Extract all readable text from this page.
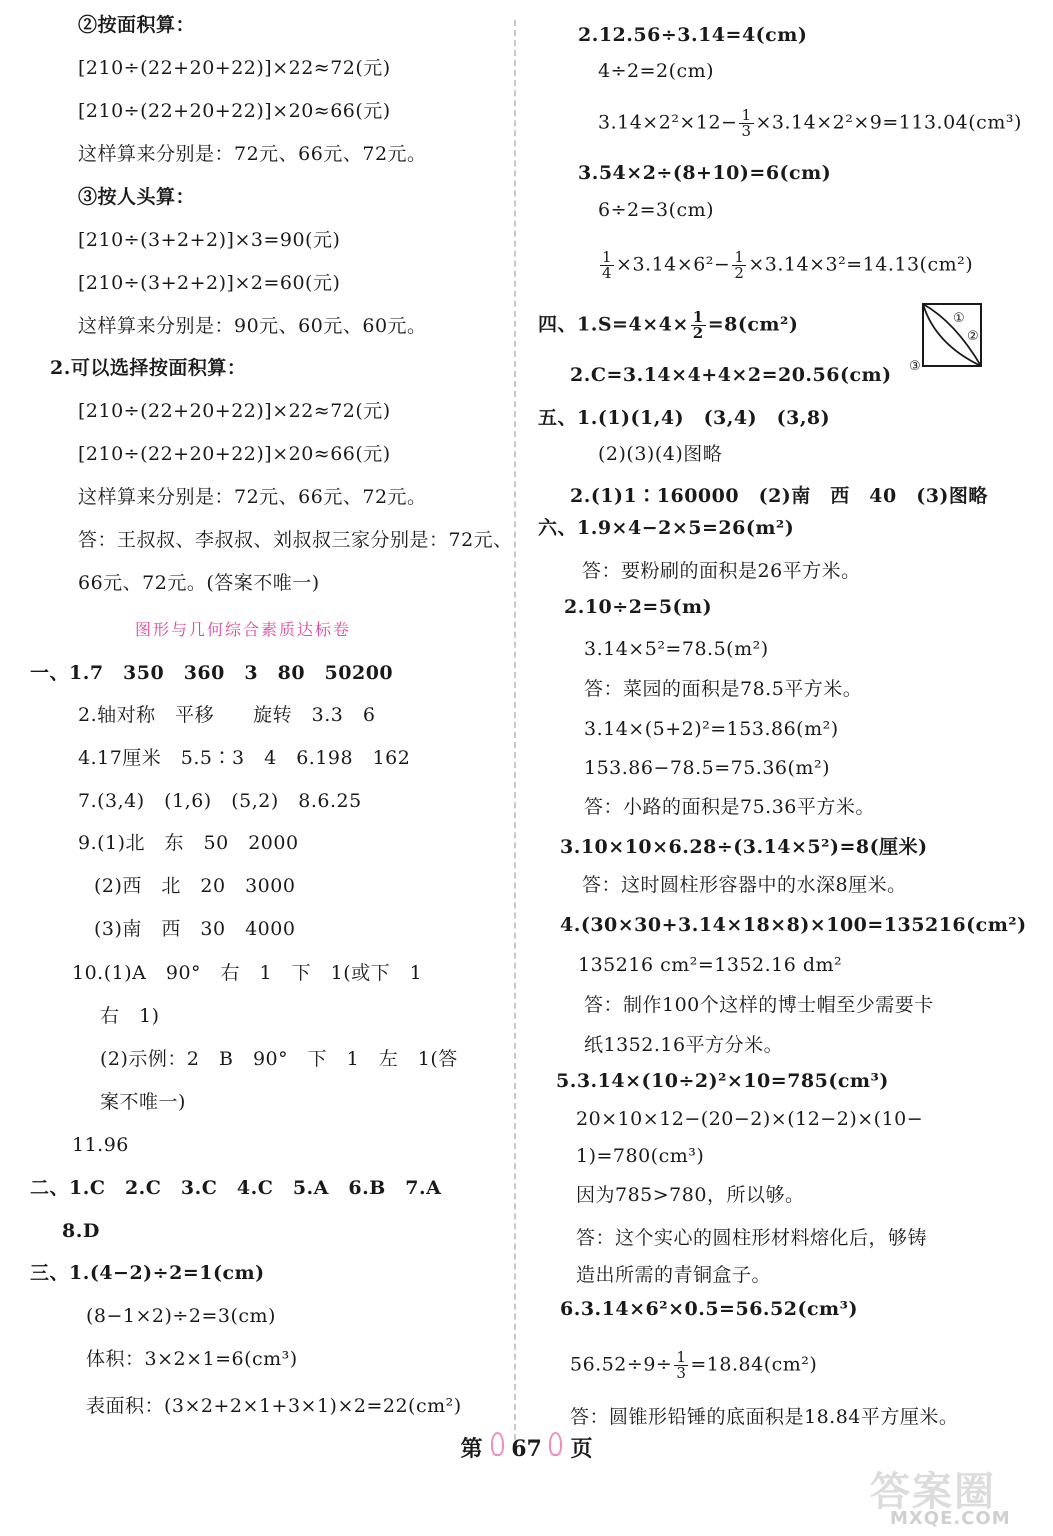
②按面积算：
[210÷(22+20+22)]×22≈72(元)
[210÷(22+20+22)]×20≈66(元)
这样算来分别是：72元、66元、72元。
③按人头算：
[210÷(3+2+2)]×3=90(元)
[210÷(3+2+2)]×2=60(元)
这样算来分别是：90元、60元、60元。
2.可以选择按面积算：
[210÷(22+20+22)]×22≈72(元)
[210÷(22+20+22)]×20≈66(元)
这样算来分别是：72元、66元、72元。
答：王叔叔、李叔叔、刘叔叔三家分别是：72元、
66元、72元。(答案不唯一)
图形与几何综合素质达标卷
一、1.7　350　360　3　80　50200
2.轴对称　平移　　旋转　3.3　6
4.17厘米　5.5∶3　4　6.198　162
7.(3,4)　(1,6)　(5,2)　8.6.25
9.(1)北　东　50　2000
(2)西　北　20　3000
(3)南　西　30　4000
10.(1)A　90°　右　1　下　1(或下　1
右　1)
(2)示例：2　B　90°　下　1　左　1(答
案不唯一)
11.96
二、1.C　2.C　3.C　4.C　5.A　6.B　7.A
8.D
三、1.(4−2)÷2=1(cm)
(8−1×2)÷2=3(cm)
体积：3×2×1=6(cm³)
表面积：(3×2+2×1+3×1)×2=22(cm²)
2.12.56÷3.14=4(cm)
4÷2=2(cm)
$3.14\times 2^2\times 12- \frac{1}{3} \times 3.14\times 2^2\times 9=113.04(cm^3)$
3.54×2÷(8+10)=6(cm)
6÷2=3(cm)
$\frac{1}{4} \times 3.14\times 6^2- \frac{1}{2} \times 3.14\times 3^2=14.13(cm^2)$
四、$1.S=4\times 4\times \frac{1}{2} =8(cm^2)$
2.C=3.14×4+4×2=20.56(cm)
五、1.(1)(1,4)　(3,4)　(3,8)
(2)(3)(4)图略
2.(1)1∶160000　(2)南　西　40　(3)图略
六、1.9×4−2×5=26(m²)
答：要粉刷的面积是26平方米。
2.10÷2=5(m)
3.14×5²=78.5(m²)
答：菜园的面积是78.5平方米。
3.14×(5+2)²=153.86(m²)
153.86−78.5=75.36(m²)
答：小路的面积是75.36平方米。
3.10×10×6.28÷(3.14×5²)=8(厘米)
答：这时圆柱形容器中的水深8厘米。
4.(30×30+3.14×18×8)×100=135216(cm²)
135216 cm²=1352.16 dm²
答：制作100个这样的博士帽至少需要卡
纸1352.16平方分米。
5.3.14×(10÷2)²×10=785(cm³)
20×10×12−(20−2)×(12−2)×(10−
1)=780(cm³)
因为785>780，所以够。
答：这个实心的圆柱形材料熔化后，够铸
造出所需的青铜盒子。
6.3.14×6²×0.5=56.52(cm³)
$56.52\div 9\div \frac{1}{3} =18.84(cm^2)$
答：圆锥形铅锤的底面积是18.84平方厘米。
①
②
③
第 67 页
答案圈
MXQE.COM
